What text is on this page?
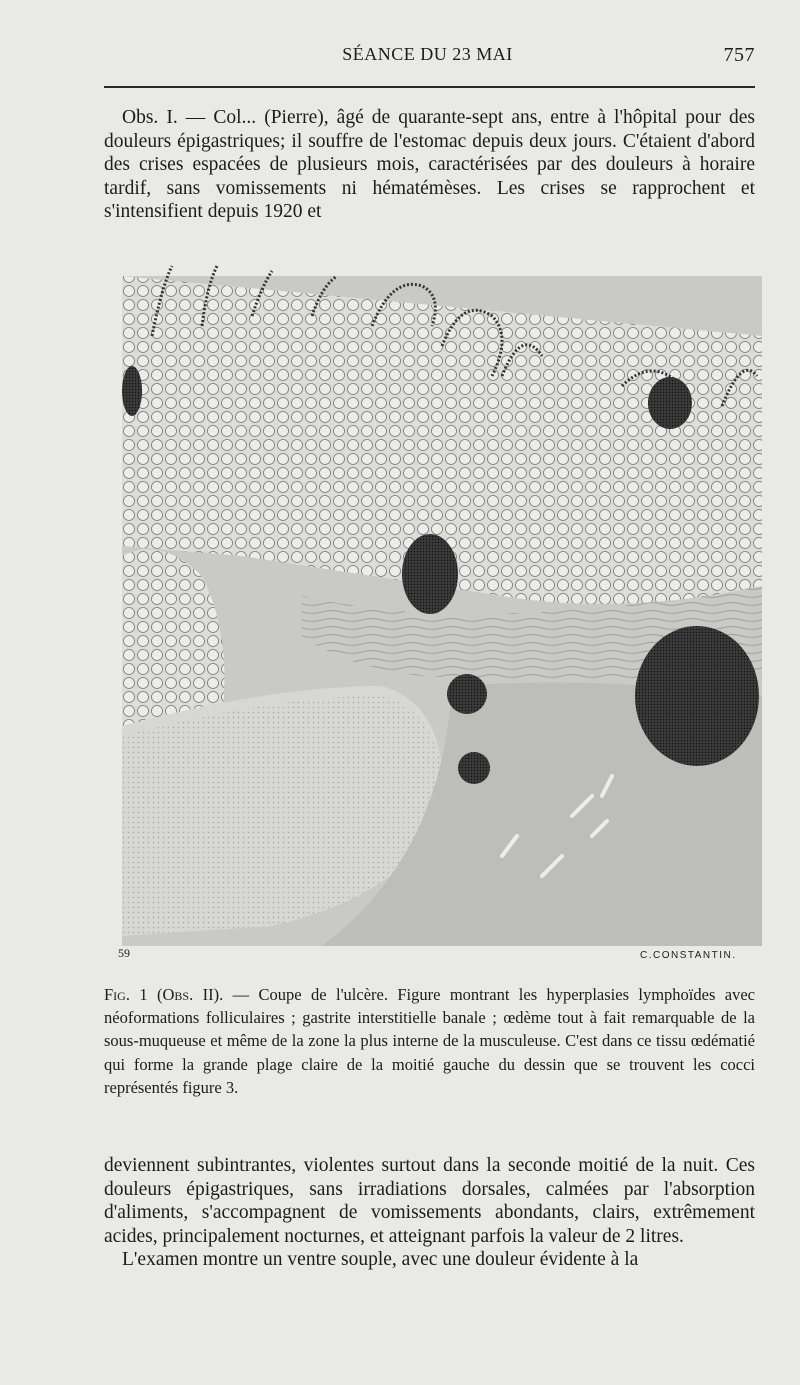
SÉANCE DU 23 MAI	757

Obs. I. — Col... (Pierre), âgé de quarante-sept ans, entre à l'hôpital pour des douleurs épigastriques; il souffre de l'estomac depuis deux jours. C'étaient d'abord des crises espacées de plusieurs mois, caractérisées par des douleurs à horaire tardif, sans vomissements ni hématémèses. Les crises se rapprochent et s'intensifient depuis 1920 et

59	C.CONSTANTIN.
Fig. 1 (Obs. II). — Coupe de l'ulcère. Figure montrant les hyperplasies lymphoïdes avec néoformations folliculaires ; gastrite interstitielle banale ; œdème tout à fait remarquable de la sous-muqueuse et même de la zone la plus interne de la musculeuse. C'est dans ce tissu œdématié qui forme la grande plage claire de la moitié gauche du dessin que se trouvent les cocci représentés figure 3.

deviennent subintrantes, violentes surtout dans la seconde moitié de la nuit. Ces douleurs épigastriques, sans irradiations dorsales, calmées par l'absorption d'aliments, s'accompagnent de vomissements abondants, clairs, extrêmement acides, principalement nocturnes, et atteignant parfois la valeur de 2 litres.

L'examen montre un ventre souple, avec une douleur évidente à la
